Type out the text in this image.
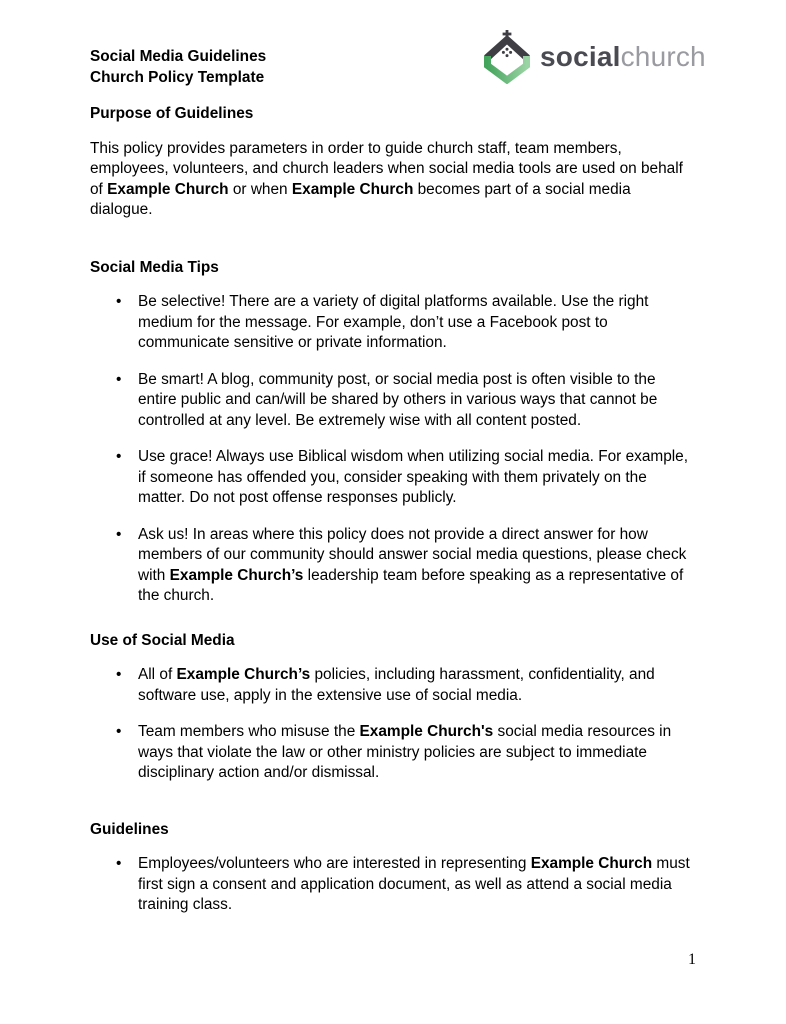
socialchurch
Social Media Guidelines
Church Policy Template
Purpose of Guidelines

This policy provides parameters in order to guide church staff, team members, employees, volunteers, and church leaders when social media tools are used on behalf of Example Church or when Example Church becomes part of a social media dialogue.

Social Media Tips
• Be selective! There are a variety of digital platforms available. Use the right medium for the message. For example, don’t use a Facebook post to communicate sensitive or private information.
• Be smart! A blog, community post, or social media post is often visible to the entire public and can/will be shared by others in various ways that cannot be controlled at any level. Be extremely wise with all content posted.
• Use grace! Always use Biblical wisdom when utilizing social media. For example, if someone has offended you, consider speaking with them privately on the matter. Do not post offense responses publicly.
• Ask us! In areas where this policy does not provide a direct answer for how members of our community should answer social media questions, please check with Example Church’s leadership team before speaking as a representative of the church.
Use of Social Media
• All of Example Church’s policies, including harassment, confidentiality, and software use, apply in the extensive use of social media.
• Team members who misuse the Example Church's social media resources in ways that violate the law or other ministry policies are subject to immediate disciplinary action and/or dismissal.
Guidelines
• Employees/volunteers who are interested in representing Example Church must first sign a consent and application document, as well as attend a social media training class.
1
